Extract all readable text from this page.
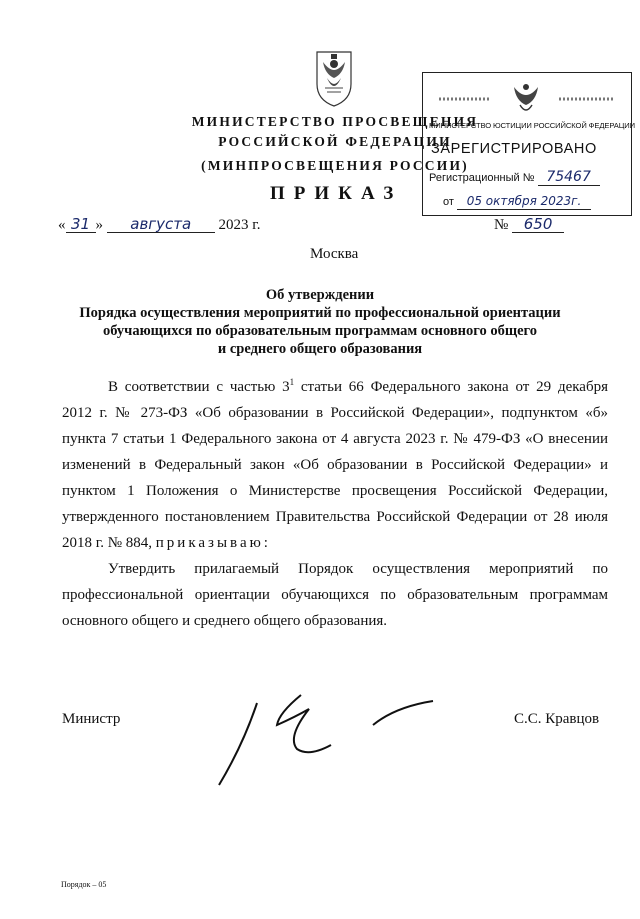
МИНИСТЕРСТВО ПРОСВЕЩЕНИЯ
РОССИЙСКОЙ ФЕДЕРАЦИИ
(МИНПРОСВЕЩЕНИЯ РОССИИ)
ПРИКАЗ
« 31 » августа 2023 г.	№ 650
Москва
Об утверждении
Порядка осуществления мероприятий по профессиональной ориентации
обучающихся по образовательным программам основного общего
и среднего общего образования

В соответствии с частью $3^1$ статьи 66 Федерального закона от 29 декабря 2012 г. № 273-ФЗ «Об образовании в Российской Федерации», подпунктом «б» пункта 7 статьи 1 Федерального закона от 4 августа 2023 г. № 479-ФЗ «О внесении изменений в Федеральный закон «Об образовании в Российской Федерации» и пунктом 1 Положения о Министерстве просвещения Российской Федерации, утвержденного постановлением Правительства Российской Федерации от 28 июля 2018 г. № 884, приказываю:

Утвердить прилагаемый Порядок осуществления мероприятий по профессиональной ориентации обучающихся по образовательным программам основного общего и среднего общего образования.

Министр	С.С. Кравцов
МИНИСТЕРСТВО ЮСТИЦИИ РОССИЙСКОЙ ФЕДЕРАЦИИ
ЗАРЕГИСТРИРОВАНО
Регистрационный № 75467
от 05 октября 2023г.
Порядок – 05
